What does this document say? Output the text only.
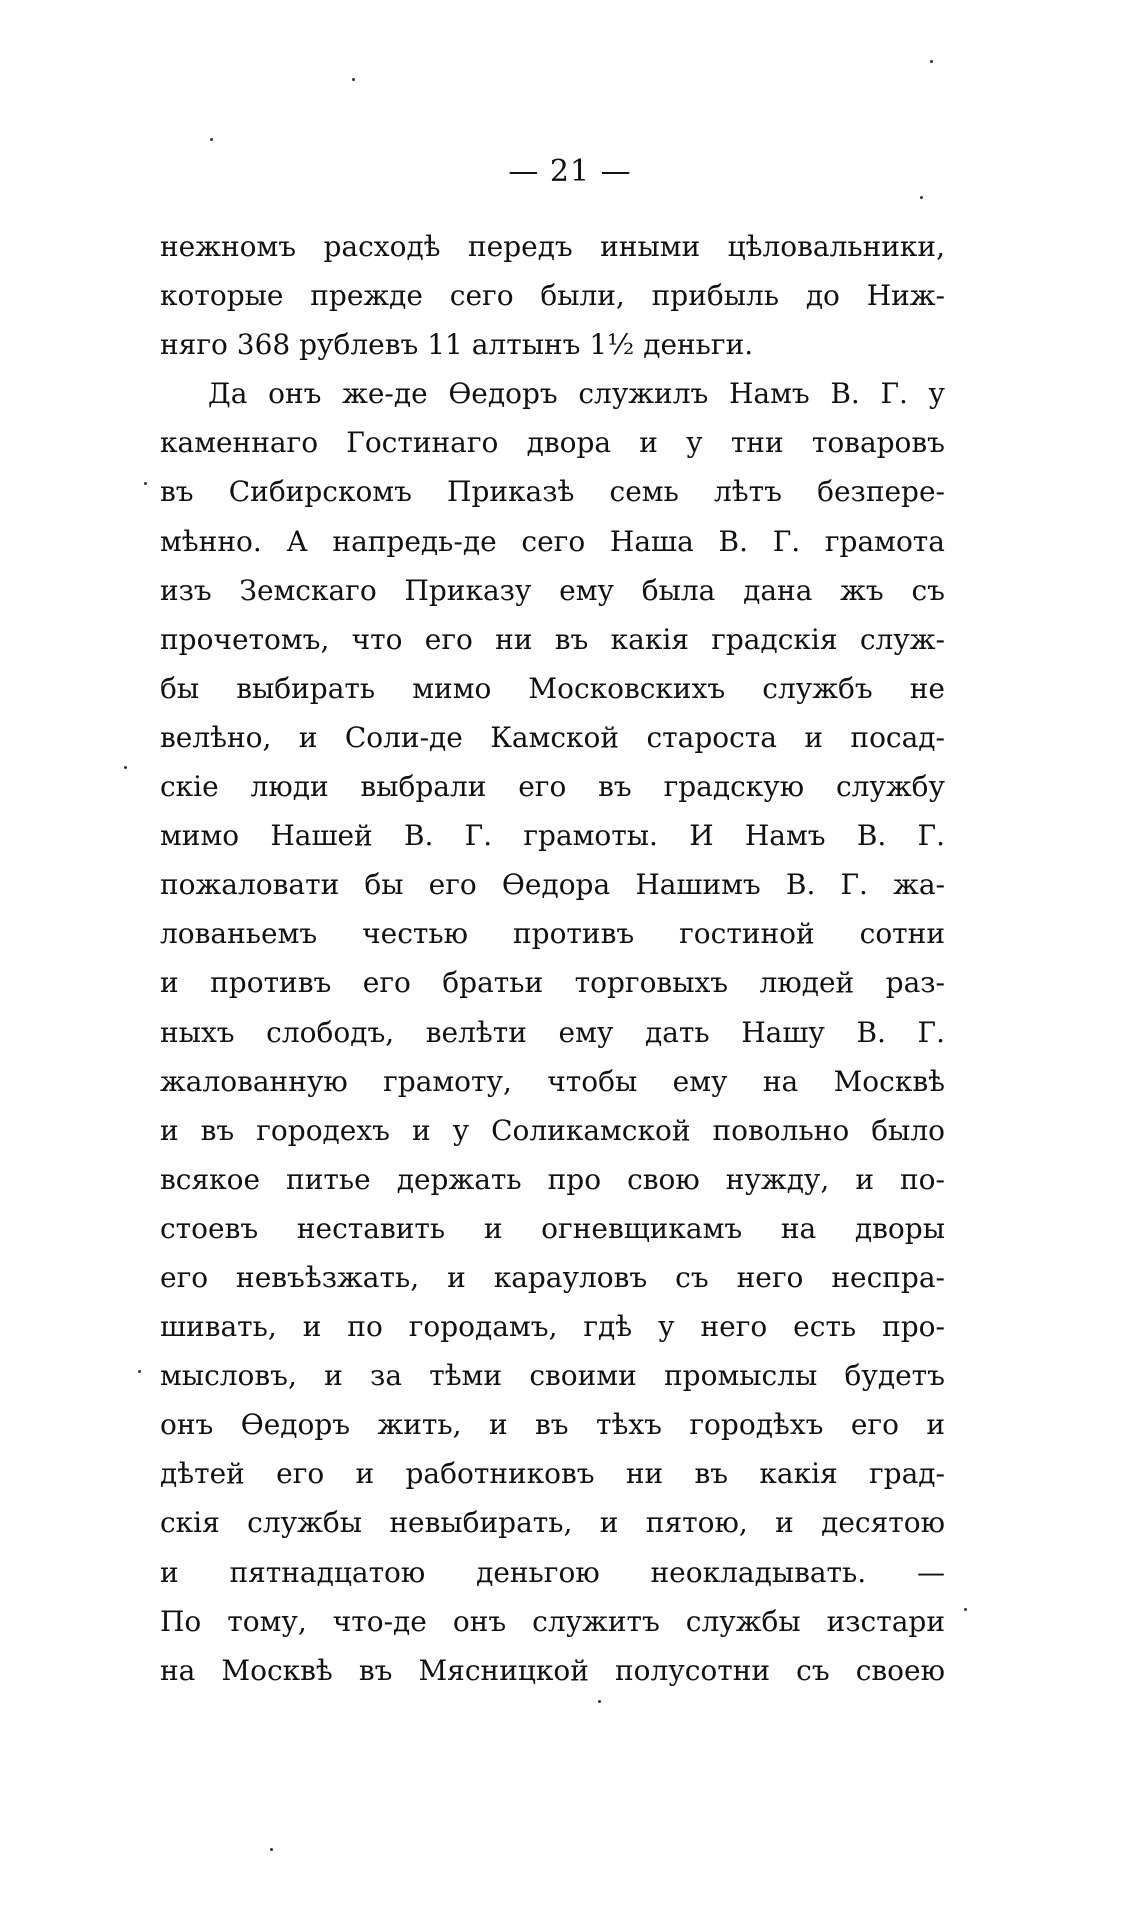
— 21 —
нежномъ расходѣ передъ иными цѣловальники,
которые прежде сего были, прибыль до Ниж-
няго 368 рублевъ 11 алтынъ 1½ деньги.
Да онъ же-де Ѳедоръ служилъ Намъ В. Г. у
каменнаго Гостинаго двора и у тни товаровъ
въ Сибирскомъ Приказѣ семь лѣтъ безпере-
мѣнно. А напредь-де сего Наша В. Г. грамота
изъ Земскаго Приказу ему была дана жъ съ
прочетомъ, что его ни въ какія градскія служ-
бы выбирать мимо Московскихъ службъ не
велѣно, и Соли-де Камской староста и посад-
скіе люди выбрали его въ градскую службу
мимо Нашей В. Г. грамоты. И Намъ В. Г.
пожаловати бы его Ѳедора Нашимъ В. Г. жа-
лованьемъ честью противъ гостиной сотни
и противъ его братьи торговыхъ людей раз-
ныхъ слободъ, велѣти ему дать Нашу В. Г.
жалованную грамоту, чтобы ему на Москвѣ
и въ городехъ и у Соликамской повольно было
всякое питье держать про свою нужду, и по-
стоевъ неставить и огневщикамъ на дворы
его невъѣзжать, и карауловъ съ него неспра-
шивать, и по городамъ, гдѣ у него есть про-
мысловъ, и за тѣми своими промыслы будетъ
онъ Ѳедоръ жить, и въ тѣхъ городѣхъ его и
дѣтей его и работниковъ ни въ какія град-
скія службы невыбирать, и пятою, и десятою
и пятнадцатою деньгою неокладывать. —
По тому, что-де онъ служитъ службы изстари
на Москвѣ въ Мясницкой полусотни съ своею
